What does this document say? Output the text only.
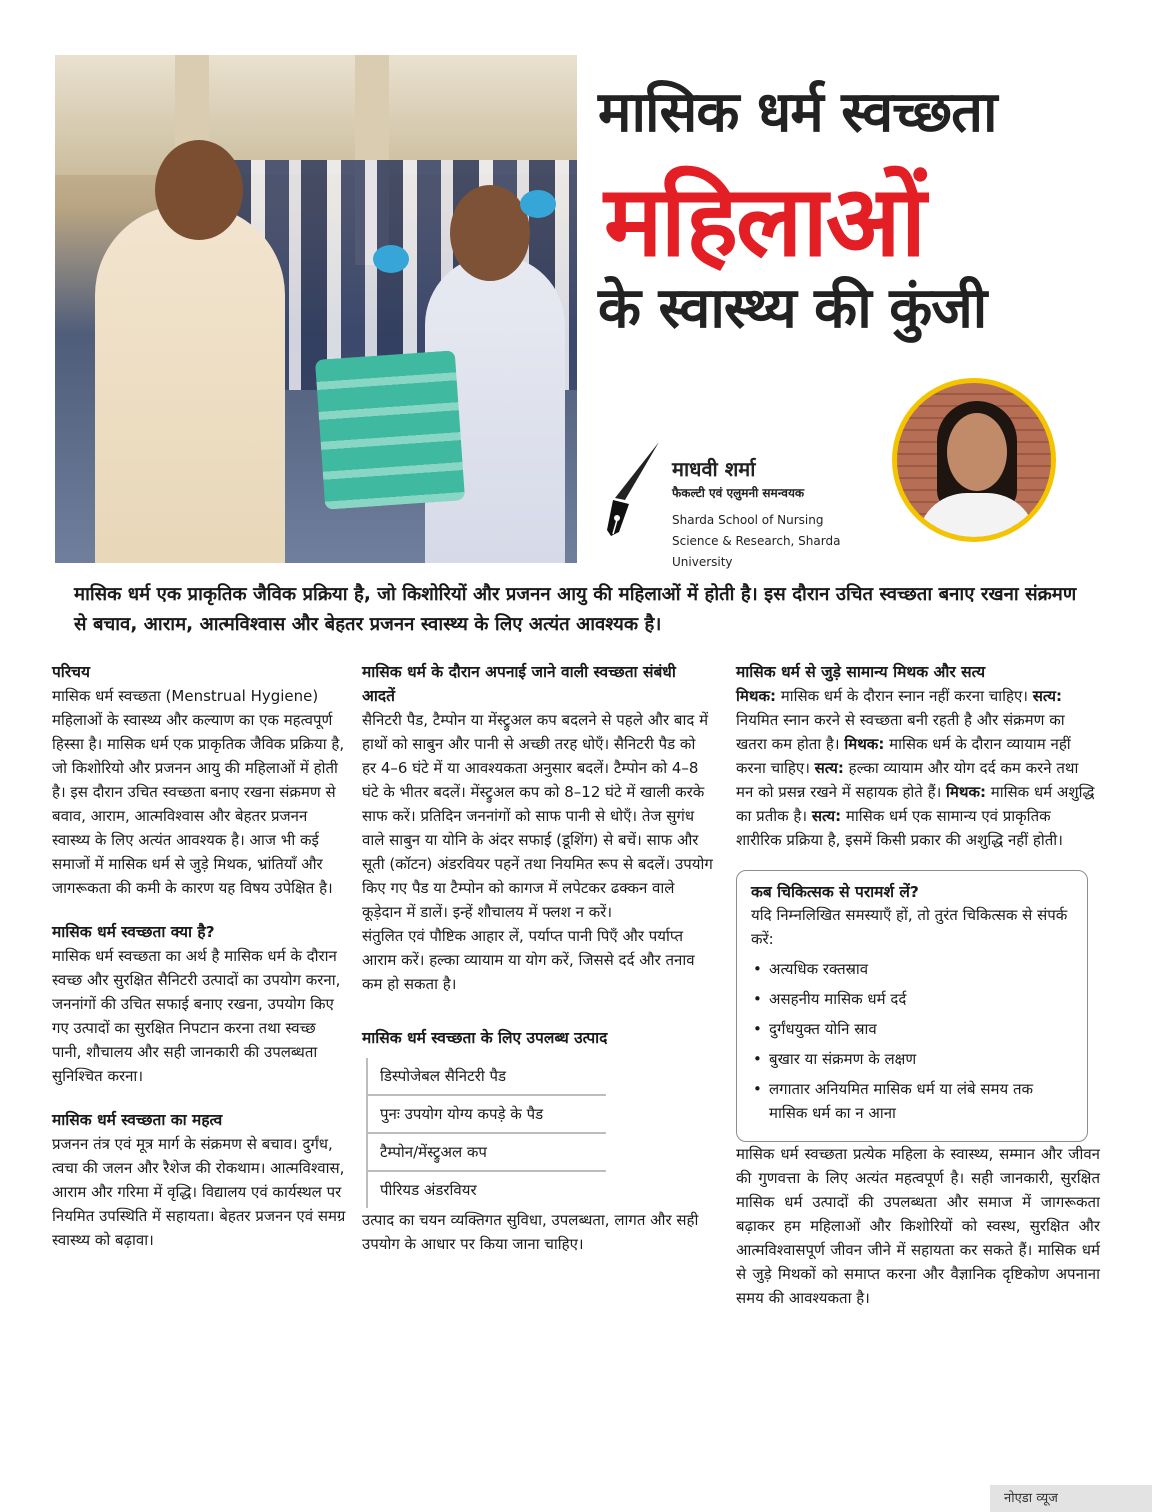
मासिक धर्म स्वच्छता
महिलाओं
के स्वास्थ्य की कुंजी
माधवी शर्मा
फैकल्टी एवं एलुमनी समन्वयक
Sharda School of Nursing
Science & Research, Sharda University
मासिक धर्म एक प्राकृतिक जैविक प्रक्रिया है, जो किशोरियों और प्रजनन आयु की महिलाओं में होती है। इस दौरान उचित स्वच्छता बनाए रखना संक्रमण से बचाव, आराम, आत्मविश्वास और बेहतर प्रजनन स्वास्थ्य के लिए अत्यंत आवश्यक है।
परिचय

मासिक धर्म स्वच्छता (Menstrual Hygiene) महिलाओं के स्वास्थ्य और कल्याण का एक महत्वपूर्ण हिस्सा है। मासिक धर्म एक प्राकृतिक जैविक प्रक्रिया है, जो किशोरियो और प्रजनन आयु की महिलाओं में होती है। इस दौरान उचित स्वच्छता बनाए रखना संक्रमण से बवाव, आराम, आत्मविश्वास और बेहतर प्रजनन स्वास्थ्य के लिए अत्यंत आवश्यक है। आज भी कई समाजों में मासिक धर्म से जुड़े मिथक, भ्रांतियाँ और जागरूकता की कमी के कारण यह विषय उपेक्षित है।

मासिक धर्म स्वच्छता क्या है?

मासिक धर्म स्वच्छता का अर्थ है मासिक धर्म के दौरान स्वच्छ और सुरक्षित सैनिटरी उत्पादों का उपयोग करना, जननांगों की उचित सफाई बनाए रखना, उपयोग किए गए उत्पादों का सुरक्षित निपटान करना तथा स्वच्छ पानी, शौचालय और सही जानकारी की उपलब्धता सुनिश्चित करना।

मासिक धर्म स्वच्छता का महत्व

प्रजनन तंत्र एवं मूत्र मार्ग के संक्रमण से बचाव। दुर्गंध, त्वचा की जलन और रैशेज की रोकथाम। आत्मविश्वास, आराम और गरिमा में वृद्धि। विद्यालय एवं कार्यस्थल पर नियमित उपस्थिति में सहायता। बेहतर प्रजनन एवं समग्र स्वास्थ्य को बढ़ावा।

मासिक धर्म के दौरान अपनाई जाने वाली स्वच्छता संबंधी आदतें

सैनिटरी पैड, टैम्पोन या मेंस्ट्रुअल कप बदलने से पहले और बाद में हाथों को साबुन और पानी से अच्छी तरह धोएँ। सैनिटरी पैड को हर 4–6 घंटे में या आवश्यकता अनुसार बदलें। टैम्पोन को 4–8 घंटे के भीतर बदलें। मेंस्ट्रुअल कप को 8–12 घंटे में खाली करके साफ करें। प्रतिदिन जननांगों को साफ पानी से धोएँ। तेज सुगंध वाले साबुन या योनि के अंदर सफाई (डूशिंग) से बचें। साफ और सूती (कॉटन) अंडरवियर पहनें तथा नियमित रूप से बदलें। उपयोग किए गए पैड या टैम्पोन को कागज में लपेटकर ढक्कन वाले कूड़ेदान में डालें। इन्हें शौचालय में फ्लश न करें।

संतुलित एवं पौष्टिक आहार लें, पर्याप्त पानी पिएँ और पर्याप्त आराम करें। हल्का व्यायाम या योग करें, जिससे दर्द और तनाव कम हो सकता है।

मासिक धर्म स्वच्छता के लिए उपलब्ध उत्पाद
डिस्पोजेबल सैनिटरी पैड
पुनः उपयोग योग्य कपड़े के पैड
टैम्पोन/मेंस्ट्रुअल कप
पीरियड अंडरवियर

उत्पाद का चयन व्यक्तिगत सुविधा, उपलब्धता, लागत और सही उपयोग के आधार पर किया जाना चाहिए।

मासिक धर्म से जुड़े सामान्य मिथक और सत्य

मिथक: मासिक धर्म के दौरान स्नान नहीं करना चाहिए। सत्य: नियमित स्नान करने से स्वच्छता बनी रहती है और संक्रमण का खतरा कम होता है। मिथक: मासिक धर्म के दौरान व्यायाम नहीं करना चाहिए। सत्य: हल्का व्यायाम और योग दर्द कम करने तथा मन को प्रसन्न रखने में सहायक होते हैं। मिथक: मासिक धर्म अशुद्धि का प्रतीक है। सत्य: मासिक धर्म एक सामान्य एवं प्राकृतिक शारीरिक प्रक्रिया है, इसमें किसी प्रकार की अशुद्धि नहीं होती।

कब चिकित्सक से परामर्श लें?

यदि निम्नलिखित समस्याएँ हों, तो तुरंत चिकित्सक से संपर्क करें:

• अत्यधिक रक्तस्राव
• असहनीय मासिक धर्म दर्द
• दुर्गंधयुक्त योनि स्राव
• बुखार या संक्रमण के लक्षण
• लगातार अनियमित मासिक धर्म या लंबे समय तक मासिक धर्म का न आना

मासिक धर्म स्वच्छता प्रत्येक महिला के स्वास्थ्य, सम्मान और जीवन की गुणवत्ता के लिए अत्यंत महत्वपूर्ण है। सही जानकारी, सुरक्षित मासिक धर्म उत्पादों की उपलब्धता और समाज में जागरूकता बढ़ाकर हम महिलाओं और किशोरियों को स्वस्थ, सुरक्षित और आत्मविश्वासपूर्ण जीवन जीने में सहायता कर सकते हैं। मासिक धर्म से जुड़े मिथकों को समाप्त करना और वैज्ञानिक दृष्टिकोण अपनाना समय की आवश्यकता है।

नोएडा व्यूज
